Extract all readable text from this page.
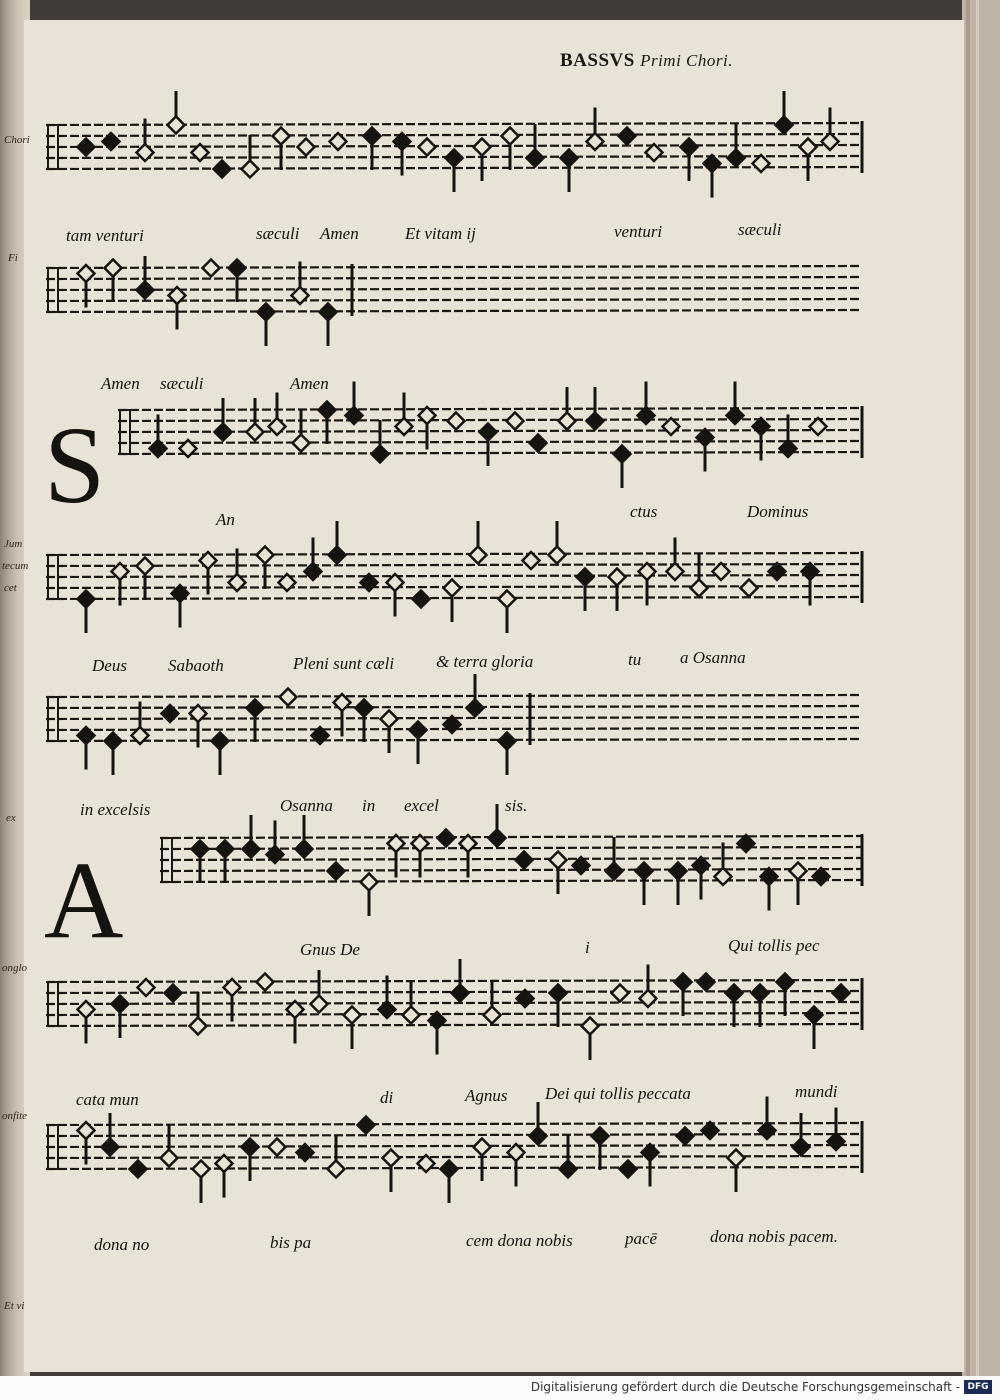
BASSVS Primi Chori.
S
A
tam venturi	sæculi Amen	Et vitam ij	venturi	sæculi
Amen sæculi	Amen
An	ctus	Dominus
Deus Sabaoth	Pleni sunt cæli & terra gloria	tu a Osanna
in excelsis	Osanna in excel	sis.
Gnus De	i	Qui tollis pec
cata mun	di	Agnus Dei qui tollis peccata	mundi
dona no	bis pa	cem dona nobis	pacē	dona nobis pacem.
Chori
Fi
Jum
tecum
cet
ex
onglo
onfite
Et vi
Digitalisierung gefördert durch die Deutsche Forschungsgemeinschaft - DFG
